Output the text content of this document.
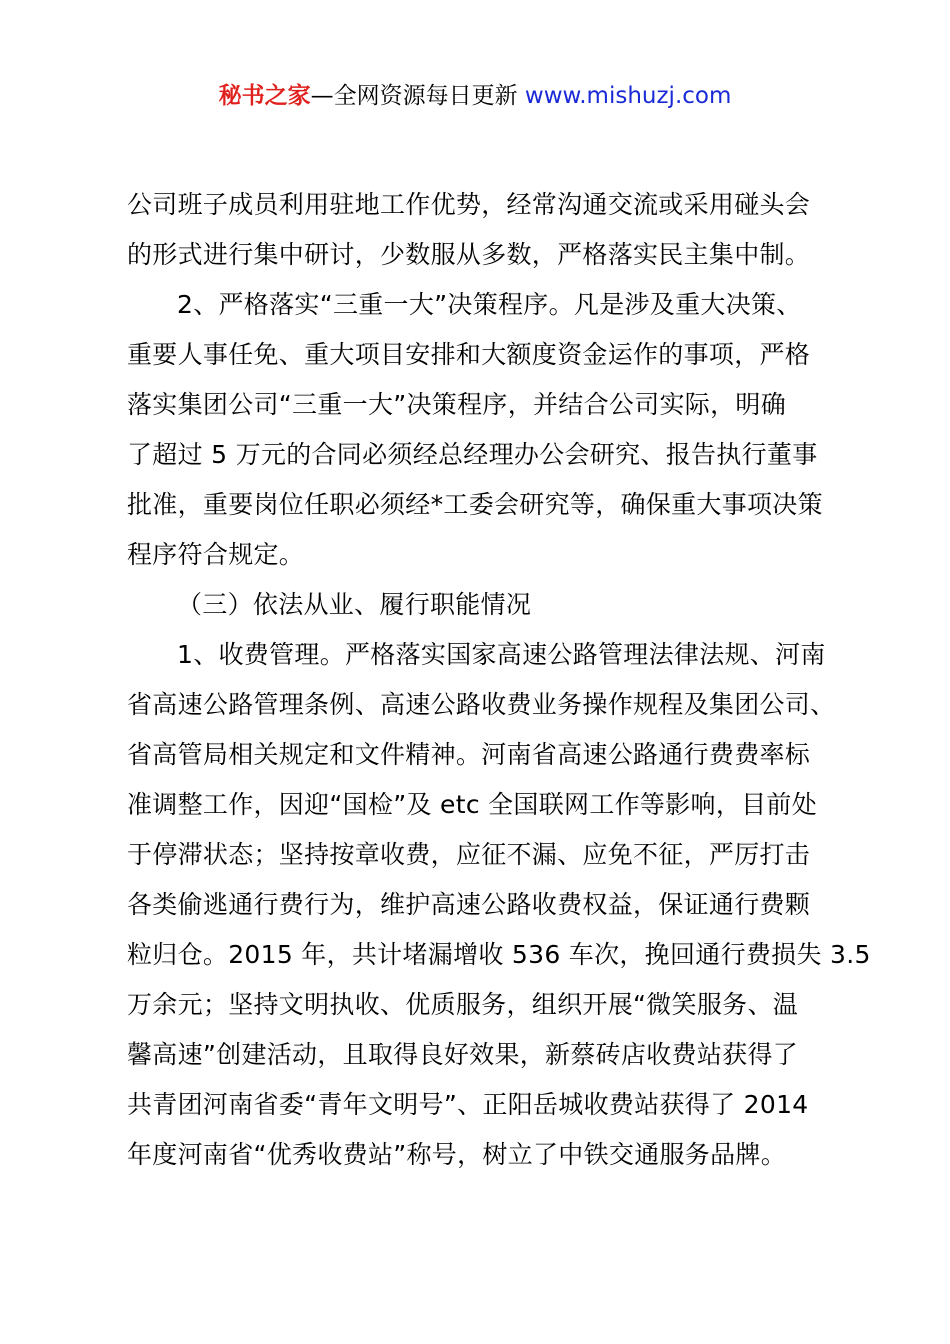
秘书之家—全网资源每日更新 www.mishuzj.com
公司班子成员利用驻地工作优势，经常沟通交流或采用碰头会
的形式进行集中研讨，少数服从多数，严格落实民主集中制。
2、严格落实“三重一大”决策程序。凡是涉及重大决策、
重要人事任免、重大项目安排和大额度资金运作的事项，严格
落实集团公司“三重一大”决策程序，并结合公司实际，明确
了超过 5 万元的合同必须经总经理办公会研究、报告执行董事
批准，重要岗位任职必须经*工委会研究等，确保重大事项决策
程序符合规定。
（三）依法从业、履行职能情况
1、收费管理。严格落实国家高速公路管理法律法规、河南
省高速公路管理条例、高速公路收费业务操作规程及集团公司、
省高管局相关规定和文件精神。河南省高速公路通行费费率标
准调整工作，因迎“国检”及 etc 全国联网工作等影响，目前处
于停滞状态；坚持按章收费，应征不漏、应免不征，严厉打击
各类偷逃通行费行为，维护高速公路收费权益，保证通行费颗
粒归仓。2015 年，共计堵漏增收 536 车次，挽回通行费损失 3.5
万余元；坚持文明执收、优质服务，组织开展“微笑服务、温
馨高速”创建活动，且取得良好效果，新蔡砖店收费站获得了
共青团河南省委“青年文明号”、正阳岳城收费站获得了 2014
年度河南省“优秀收费站”称号，树立了中铁交通服务品牌。
